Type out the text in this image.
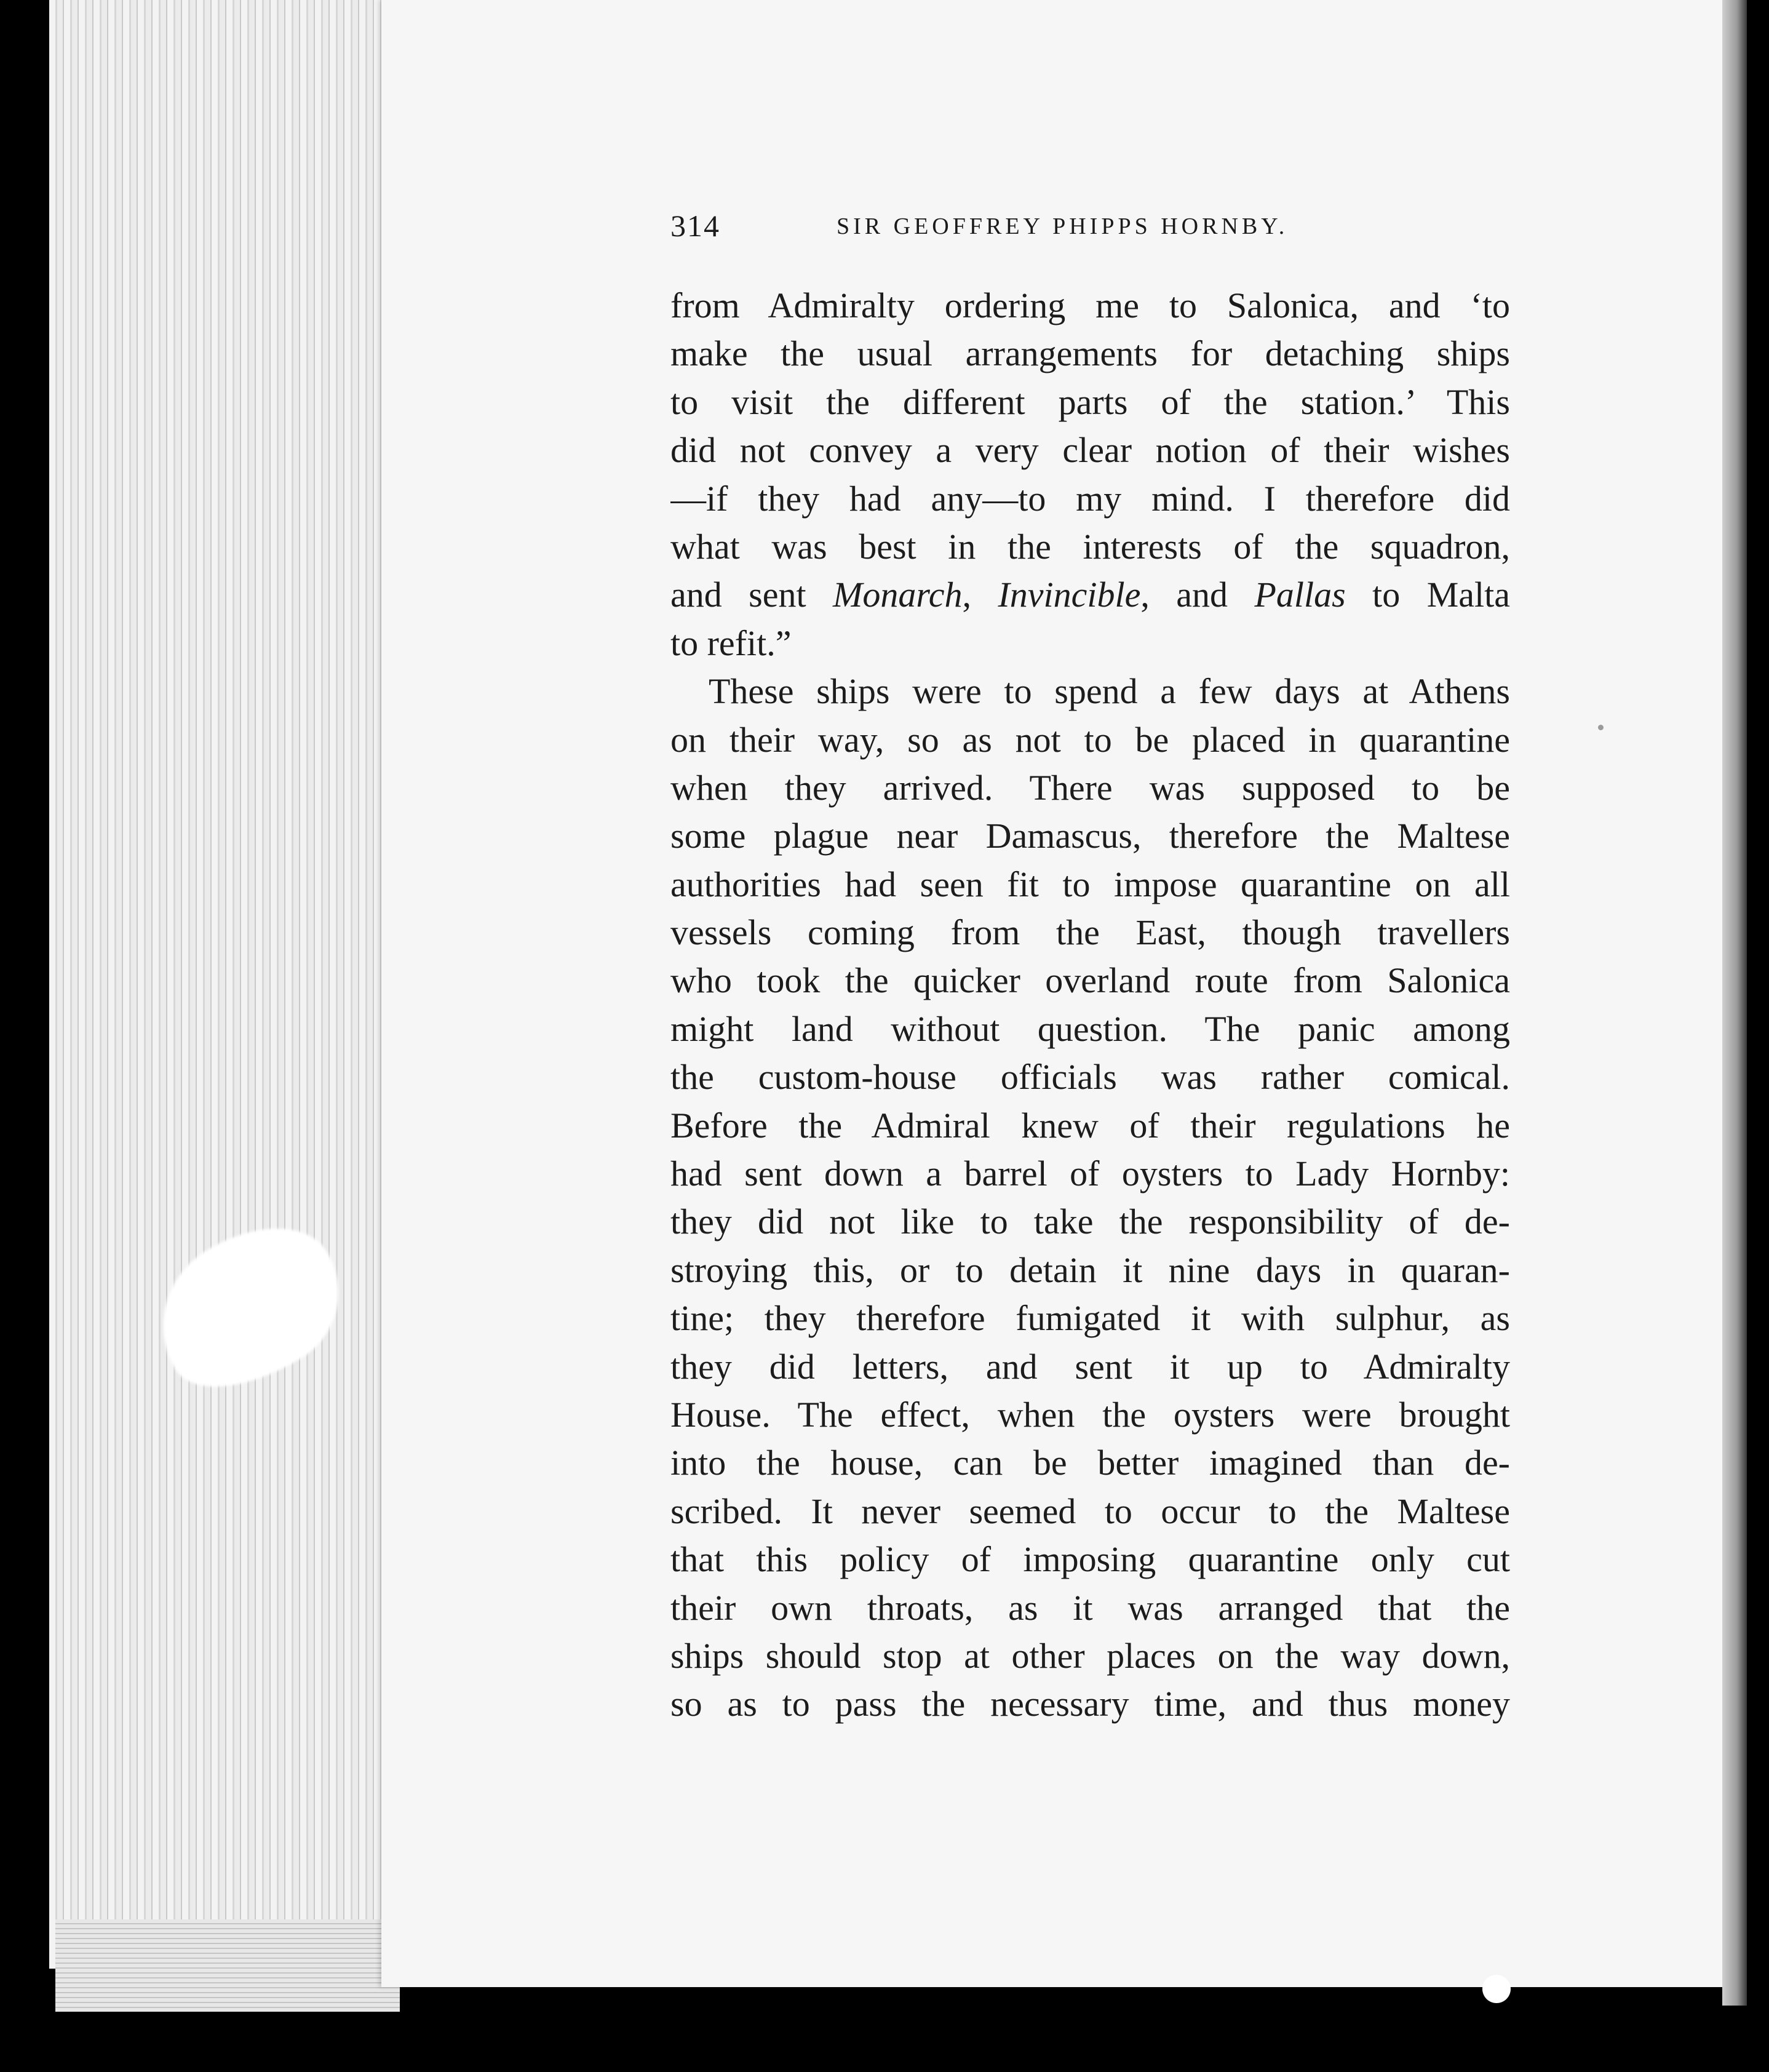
314	SIR GEOFFREY PHIPPS HORNBY.
from Admiralty ordering me to Salonica, and ‘to
make the usual arrangements for detaching ships
to visit the different parts of the station.’ This
did not convey a very clear notion of their wishes
—if they had any—to my mind. I therefore did
what was best in the interests of the squadron,
and sent Monarch, Invincible, and Pallas to Malta
to refit.”
These ships were to spend a few days at Athens
on their way, so as not to be placed in quarantine
when they arrived. There was supposed to be
some plague near Damascus, therefore the Maltese
authorities had seen fit to impose quarantine on all
vessels coming from the East, though travellers
who took the quicker overland route from Salonica
might land without question. The panic among
the custom-house officials was rather comical.
Before the Admiral knew of their regulations he
had sent down a barrel of oysters to Lady Hornby:
they did not like to take the responsibility of de-
stroying this, or to detain it nine days in quaran-
tine; they therefore fumigated it with sulphur, as
they did letters, and sent it up to Admiralty
House. The effect, when the oysters were brought
into the house, can be better imagined than de-
scribed. It never seemed to occur to the Maltese
that this policy of imposing quarantine only cut
their own throats, as it was arranged that the
ships should stop at other places on the way down,
so as to pass the necessary time, and thus money
